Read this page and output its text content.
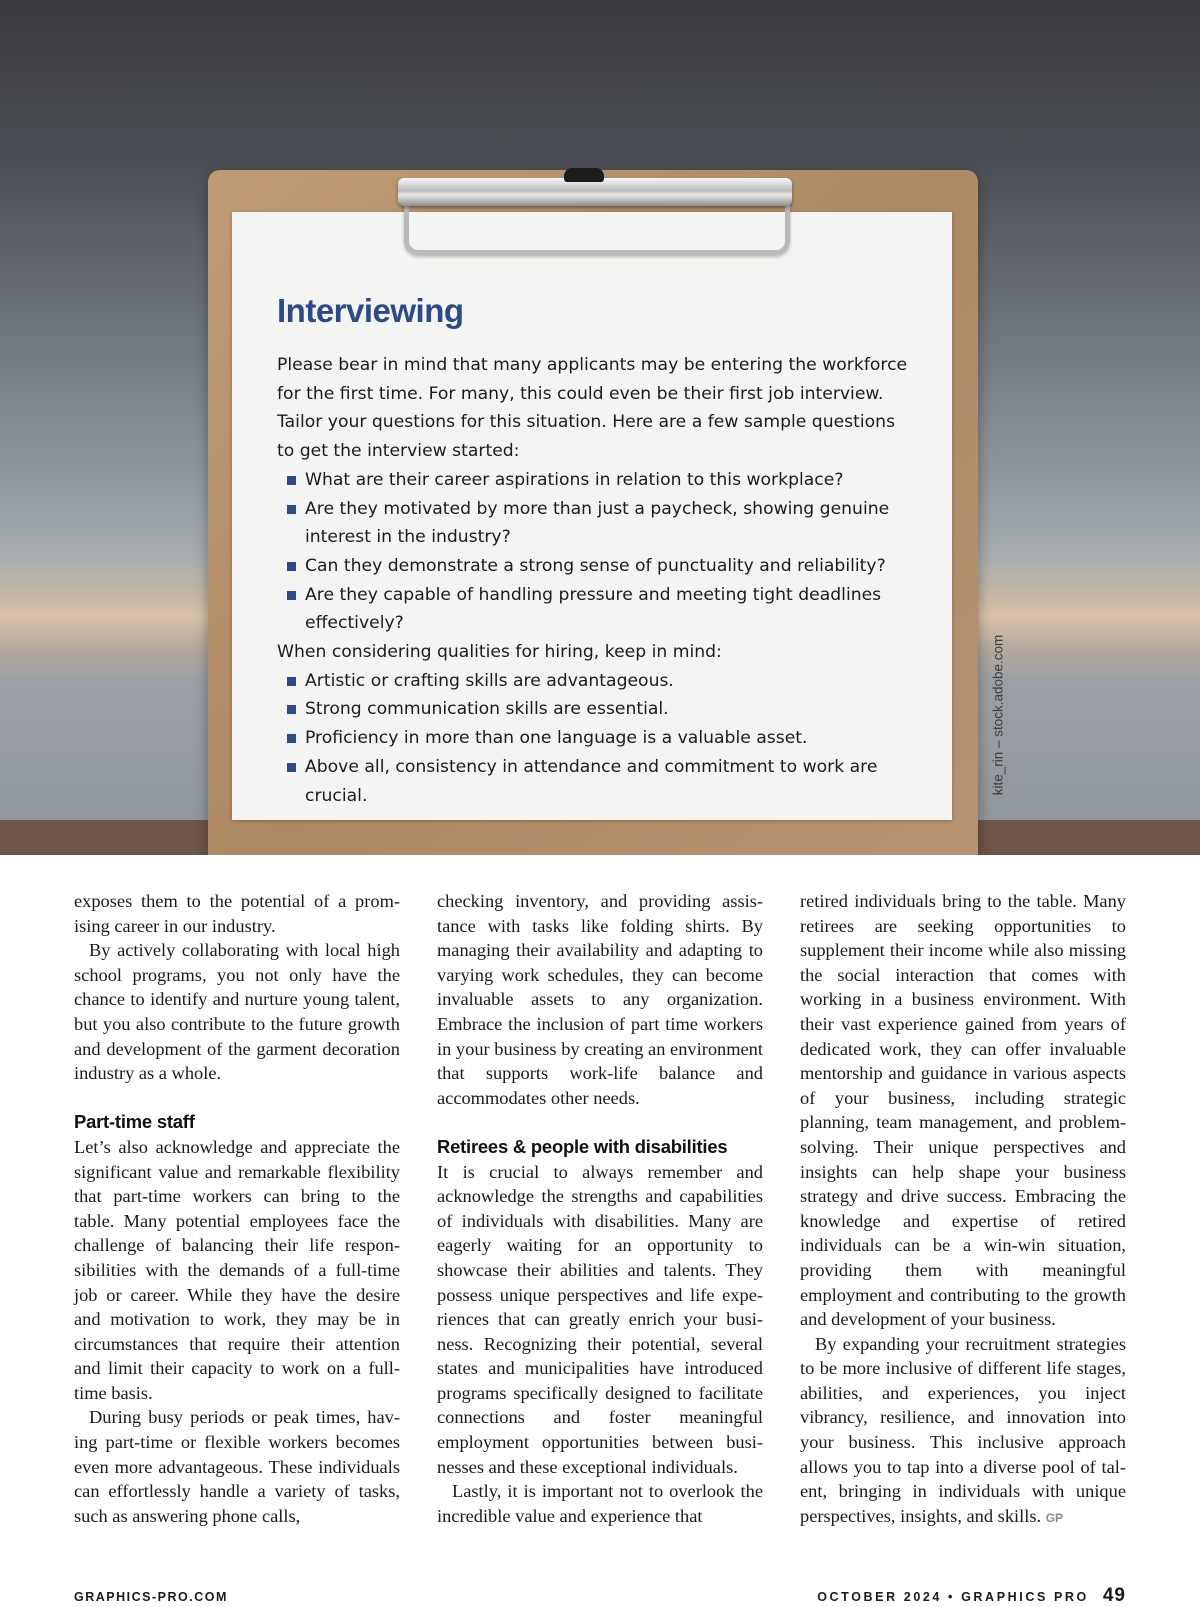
Interviewing

Please bear in mind that many applicants may be entering the workforce for the first time. For many, this could even be their first job interview. Tailor your questions for this situation. Here are a few sample questions to get the interview started:

What are their career aspirations in relation to this workplace?
Are they motivated by more than just a paycheck, showing genuine interest in the industry?
Can they demonstrate a strong sense of punctuality and reliability?
Are they capable of handling pressure and meeting tight deadlines effectively?

When considering qualities for hiring, keep in mind:

Artistic or crafting skills are advantageous.
Strong communication skills are essential.
Proficiency in more than one language is a valuable asset.
Above all, consistency in attendance and commitment to work are crucial.
kite_rin – stock.adobe.com

exposes them to the potential of a promising career in our industry.

By actively collaborating with local high school programs, you not only have the chance to identify and nurture young talent, but you also contribute to the future growth and development of the garment decoration industry as a whole.

Part-time staff

Let’s also acknowledge and appreciate the significant value and remarkable flexibility that part-time workers can bring to the table. Many potential employees face the challenge of balancing their life responsibilities with the demands of a full-time job or career. While they have the desire and motivation to work, they may be in circumstances that require their attention and limit their capacity to work on a full-time basis.

During busy periods or peak times, having part-time or flexible workers becomes even more advantageous. These individuals can effortlessly handle a variety of tasks, such as answering phone calls,

checking inventory, and providing assistance with tasks like folding shirts. By managing their availability and adapting to varying work schedules, they can become invaluable assets to any organization. Embrace the inclusion of part time workers in your business by creating an environment that supports work-life balance and accommodates other needs.

Retirees & people with disabilities

It is crucial to always remember and acknowledge the strengths and capabilities of individuals with disabilities. Many are eagerly waiting for an opportunity to showcase their abilities and talents. They possess unique perspectives and life experiences that can greatly enrich your business. Recognizing their potential, several states and municipalities have introduced programs specifically designed to facilitate connections and foster meaningful employment opportunities between businesses and these exceptional individuals.

Lastly, it is important not to overlook the incredible value and experience that

retired individuals bring to the table. Many retirees are seeking opportunities to supplement their income while also missing the social interaction that comes with working in a business environment. With their vast experience gained from years of dedicated work, they can offer invaluable mentorship and guidance in various aspects of your business, including strategic planning, team management, and problem-solving. Their unique perspectives and insights can help shape your business strategy and drive success. Embracing the knowledge and expertise of retired individuals can be a win-win situation, providing them with meaningful employment and contributing to the growth and development of your business.

By expanding your recruitment strategies to be more inclusive of different life stages, abilities, and experiences, you inject vibrancy, resilience, and innovation into your business. This inclusive approach allows you to tap into a diverse pool of talent, bringing in individuals with unique perspectives, insights, and skills. GP

GRAPHICS-PRO.COM	OCTOBER 2024 • GRAPHICS PRO 49
